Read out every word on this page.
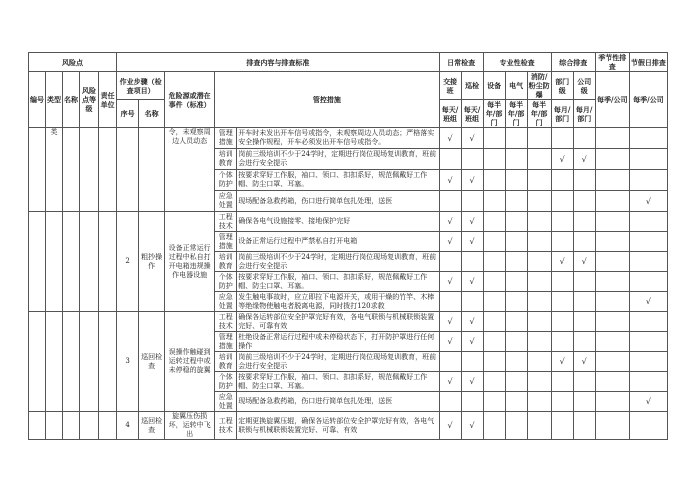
风险点					排查内容与排查标准					日常检查		专业性检查			综合排查		季节性排查	节假日排查
编号	类型	名称	风险点等级	责任单位	作业步骤（检查项目）		危险源或潜在事件（标准）	管控措施		交接班	巡检	设备	电气	消防/粉尘防爆	部门级	公司级	每季/公司	每季/公司
					序号	名称				每天/班组	每天/班组	每半年/部门	每半年/部门	每半年/部门	每月/部门	每月/部门		
	类						令，未观察周边人员动态	管理措施	开车时未发出开车信号或指令，未观察周边人员动态；严格落实安全操作规程，开车必须发出开车信号或指令。	√	√							
								培训教育	岗前三级培训不少于24学时，定期进行岗位现场复训教育，班前会进行安全提示						√	√		
								个体防护	按要求穿好工作服，袖口、领口、扣扣系好，规范佩戴好工作帽、防尘口罩、耳塞。	√	√							
								应急处置	现场配备急救药箱，伤口进行简单包扎处理，送医									√
					2	粗抄操作	设备正常运行过程中私自打开电箱违规操作电器设施	工程技术	确保各电气设施接零、接地保护完好	√	√							
								管理措施	设备正常运行过程中严禁私自打开电箱	√	√							
								培训教育	岗前三级培训不少于24学时，定期进行岗位现场复训教育，班前会进行安全提示						√	√		
								个体防护	按要求穿好工作服，袖口、领口、扣扣系好，规范佩戴好工作帽、防尘口罩、耳塞。	√	√							
								应急处置	发生触电事故时，应立即拉下电源开关，或用干燥的竹竿、木棒等绝缘物使触电者脱离电源，同时拨打120求救									√
					3	巡回检查	误操作触碰到运转过程中或未停稳的旋翼	工程技术	确保各运转部位安全护罩完好有效，各电气联锁与机械联锁装置完好、可靠有效	√	√							
								管理措施	杜绝设备正常运行过程中或未停稳状态下，打开防护罩进行任何操作	√	√							
								培训教育	岗前三级培训不少于24学时，定期进行岗位现场复训教育，班前会进行安全提示						√	√		
								个体防护	按要求穿好工作服，袖口、领口、扣扣系好，规范佩戴好工作帽、防尘口罩、耳塞。	√	√							
								应急处置	现场配备急救药箱，伤口进行简单包扎处理，送医									√
					4	巡回检查	旋翼压伤损坏，运转中飞出	工程技术	定期更换旋翼压辊，确保各运转部位安全护罩完好有效，各电气联锁与机械联锁装置完好、可靠、有效	√	√							
